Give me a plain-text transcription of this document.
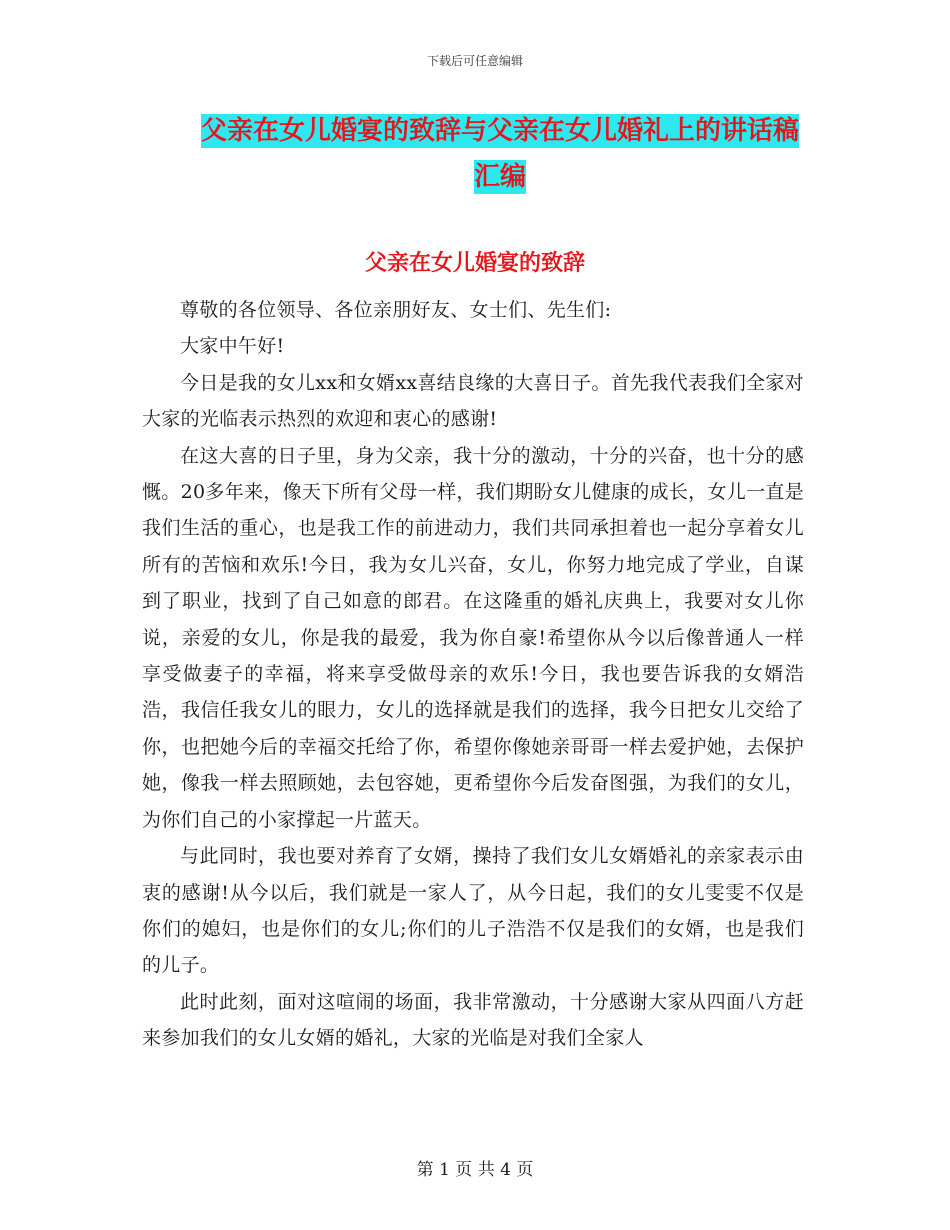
下载后可任意编辑
父亲在女儿婚宴的致辞与父亲在女儿婚礼上的讲话稿
汇编
父亲在女儿婚宴的致辞

尊敬的各位领导、各位亲朋好友、女士们、先生们:

大家中午好!

今日是我的女儿xx和女婿xx喜结良缘的大喜日子。首先我代表我们全家对大家的光临表示热烈的欢迎和衷心的感谢!

在这大喜的日子里，身为父亲，我十分的激动，十分的兴奋，也十分的感慨。20多年来，像天下所有父母一样，我们期盼女儿健康的成长，女儿一直是我们生活的重心，也是我工作的前进动力，我们共同承担着也一起分享着女儿所有的苦恼和欢乐!今日，我为女儿兴奋，女儿，你努力地完成了学业，自谋到了职业，找到了自己如意的郎君。在这隆重的婚礼庆典上，我要对女儿你说，亲爱的女儿，你是我的最爱，我为你自豪!希望你从今以后像普通人一样享受做妻子的幸福，将来享受做母亲的欢乐!今日，我也要告诉我的女婿浩浩，我信任我女儿的眼力，女儿的选择就是我们的选择，我今日把女儿交给了你，也把她今后的幸福交托给了你，希望你像她亲哥哥一样去爱护她，去保护她，像我一样去照顾她，去包容她，更希望你今后发奋图强，为我们的女儿，为你们自己的小家撑起一片蓝天。

与此同时，我也要对养育了女婿，操持了我们女儿女婿婚礼的亲家表示由衷的感谢!从今以后，我们就是一家人了，从今日起，我们的女儿雯雯不仅是你们的媳妇，也是你们的女儿;你们的儿子浩浩不仅是我们的女婿，也是我们的儿子。

此时此刻，面对这喧闹的场面，我非常激动，十分感谢大家从四面八方赶来参加我们的女儿女婿的婚礼，大家的光临是对我们全家人

第 1 页 共 4 页
